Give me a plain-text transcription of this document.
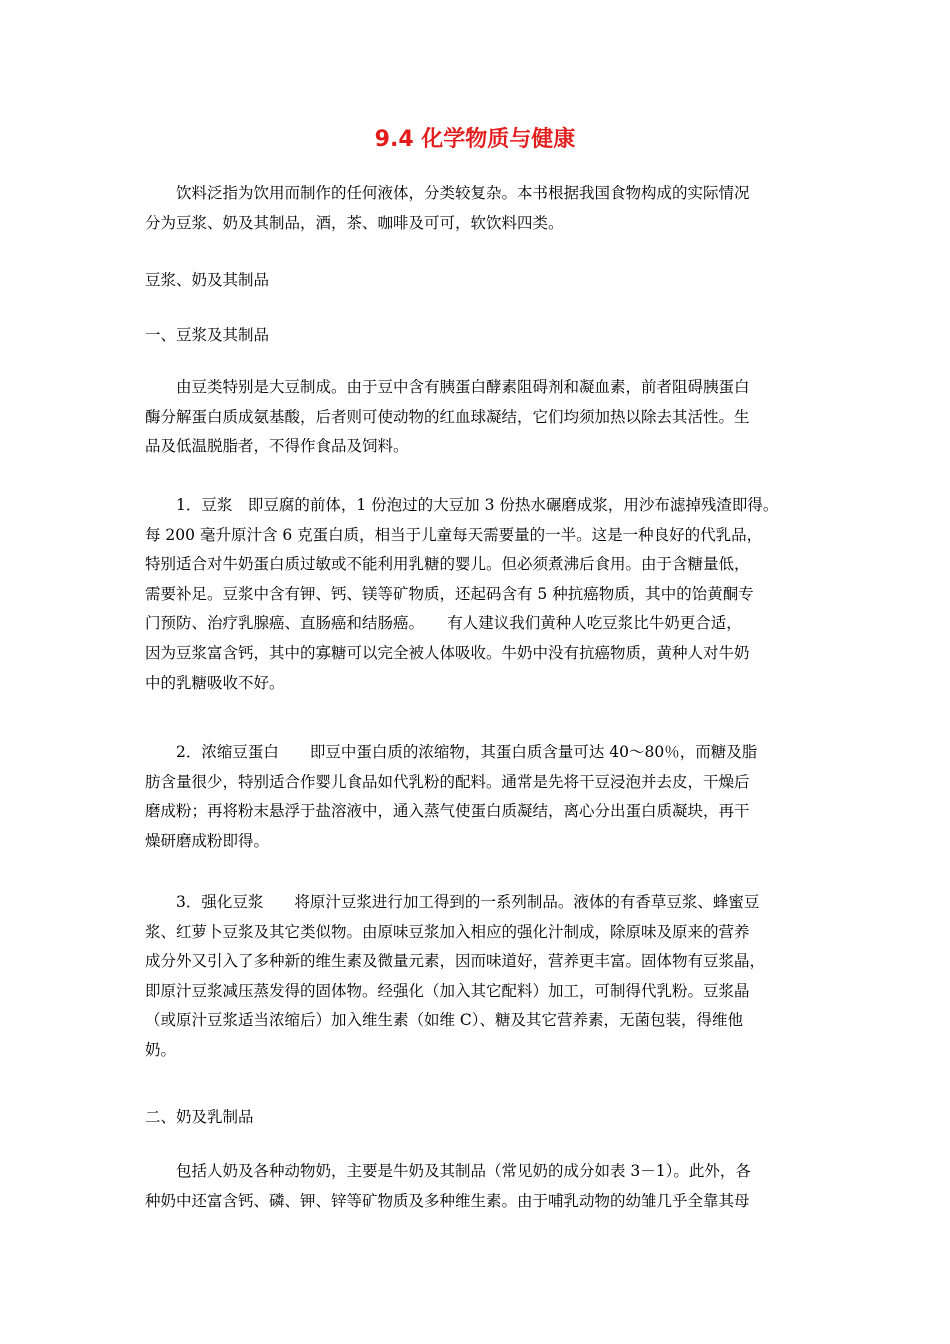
9.4 化学物质与健康

　　饮料泛指为饮用而制作的任何液体，分类较复杂。本书根据我国食物构成的实际情况
分为豆浆、奶及其制品，酒，茶、咖啡及可可，软饮料四类。

豆浆、奶及其制品

一、豆浆及其制品

　　由豆类特别是大豆制成。由于豆中含有胰蛋白酵素阻碍剂和凝血素，前者阻碍胰蛋白
酶分解蛋白质成氨基酸，后者则可使动物的红血球凝结，它们均须加热以除去其活性。生
品及低温脱脂者，不得作食品及饲料。

　　1．豆浆　即豆腐的前体，1 份泡过的大豆加 3 份热水碾磨成浆，用沙布滤掉残渣即得。
每 200 毫升原汁含 6 克蛋白质，相当于儿童每天需要量的一半。这是一种良好的代乳品，
特别适合对牛奶蛋白质过敏或不能利用乳糖的婴儿。但必须煮沸后食用。由于含糖量低，
需要补足。豆浆中含有钾、钙、镁等矿物质，还起码含有 5 种抗癌物质，其中的饴黄酮专
门预防、治疗乳腺癌、直肠癌和结肠癌。　　有人建议我们黄种人吃豆浆比牛奶更合适，
因为豆浆富含钙，其中的寡糖可以完全被人体吸收。牛奶中没有抗癌物质，黄种人对牛奶
中的乳糖吸收不好。

　　2．浓缩豆蛋白　　即豆中蛋白质的浓缩物，其蛋白质含量可达 40～80％，而糖及脂
肪含量很少，特别适合作婴儿食品如代乳粉的配料。通常是先将干豆浸泡并去皮，干燥后
磨成粉；再将粉末悬浮于盐溶液中，通入蒸气使蛋白质凝结，离心分出蛋白质凝块，再干
燥研磨成粉即得。

　　3．强化豆浆　　将原汁豆浆进行加工得到的一系列制品。液体的有香草豆浆、蜂蜜豆
浆、红萝卜豆浆及其它类似物。由原味豆浆加入相应的强化汁制成，除原味及原来的营养
成分外又引入了多种新的维生素及微量元素，因而味道好，营养更丰富。固体物有豆浆晶，
即原汁豆浆减压蒸发得的固体物。经强化（加入其它配料）加工，可制得代乳粉。豆浆晶
（或原汁豆浆适当浓缩后）加入维生素（如维 C）、糖及其它营养素，无菌包装，得维他
奶。

二、奶及乳制品

　　包括人奶及各种动物奶，主要是牛奶及其制品（常见奶的成分如表 3－1）。此外，各
种奶中还富含钙、磷、钾、锌等矿物质及多种维生素。由于哺乳动物的幼雏几乎全靠其母
